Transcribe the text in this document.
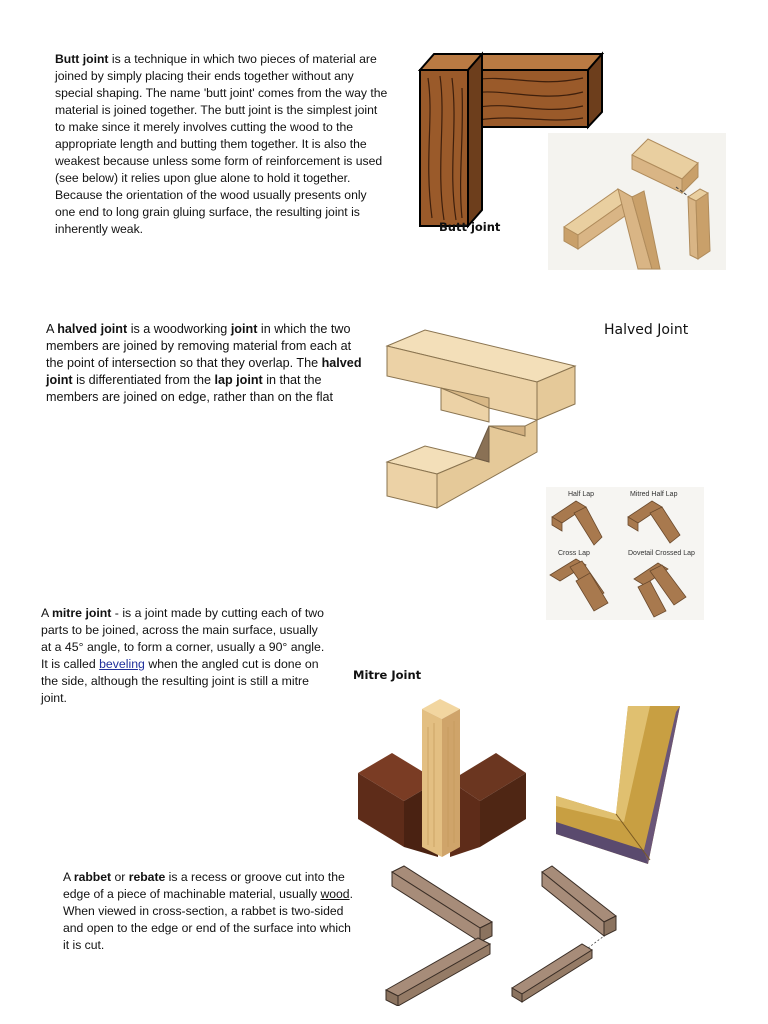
Butt joint is a technique in which two pieces of material are joined by simply placing their ends together without any special shaping. The name 'butt joint' comes from the way the material is joined together. The butt joint is the simplest joint to make since it merely involves cutting the wood to the appropriate length and butting them together. It is also the weakest because unless some form of reinforcement is used (see below) it relies upon glue alone to hold it together. Because the orientation of the wood usually presents only one end to long grain gluing surface, the resulting joint is inherently weak.	Butt joint
A halved joint is a woodworking joint in which the two members are joined by removing material from each at the point of intersection so that they overlap. The halved joint is differentiated from the lap joint in that the members are joined on edge, rather than on the flat
Halved Joint
Half Lap	Mitred Half Lap
Cross Lap	Dovetail Crossed Lap
A mitre joint - is a joint made by cutting each of two parts to be joined, across the main surface, usually at a 45° angle, to form a corner, usually a 90° angle. It is called beveling when the angled cut is done on the side, although the resulting joint is still a mitre joint.
Mitre Joint
A rabbet or rebate is a recess or groove cut into the edge of a piece of machinable material, usually wood. When viewed in cross-section, a rabbet is two-sided and open to the edge or end of the surface into which it is cut.
